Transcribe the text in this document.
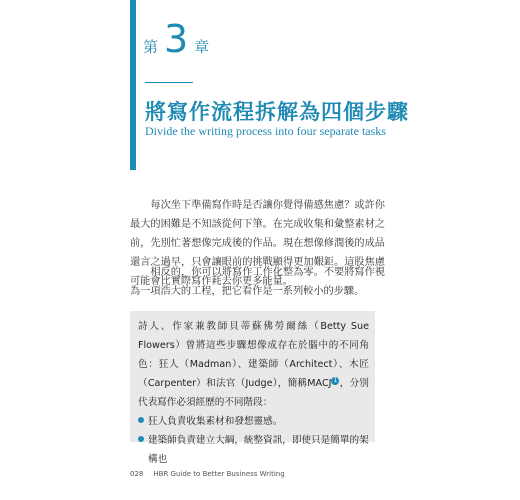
第 3 章
將寫作流程拆解為四個步驟
Divide the writing process into four separate tasks

每次坐下準備寫作時是否讓你覺得備感焦慮？或許你最大的困難是不知該從何下筆。在完成收集和彙整素材之前，先別忙著想像完成後的作品。現在想像修潤後的成品還言之過早，只會讓眼前的挑戰顯得更加艱鉅。這股焦慮可能會比實際寫作耗去你更多能量。

相反的，你可以將寫作工作化整為零。不要將寫作視為一項浩大的工程，把它看作是一系列較小的步驟。

詩人、作家兼教師貝蒂蘇佛勞爾絲（Betty Sue Flowers）曾將這些步驟想像成存在於腦中的不同角色：狂人（Madman）、建築師（Architect）、木匠（Carpenter）和法官（Judge），簡稱MACJ 1 ，分別代表寫作必須經歷的不同階段：

狂人負責收集素材和發想靈感。

建築師負責建立大綱，統整資訊，即使只是簡單的架構也

028 HBR Guide to Better Business Writing
